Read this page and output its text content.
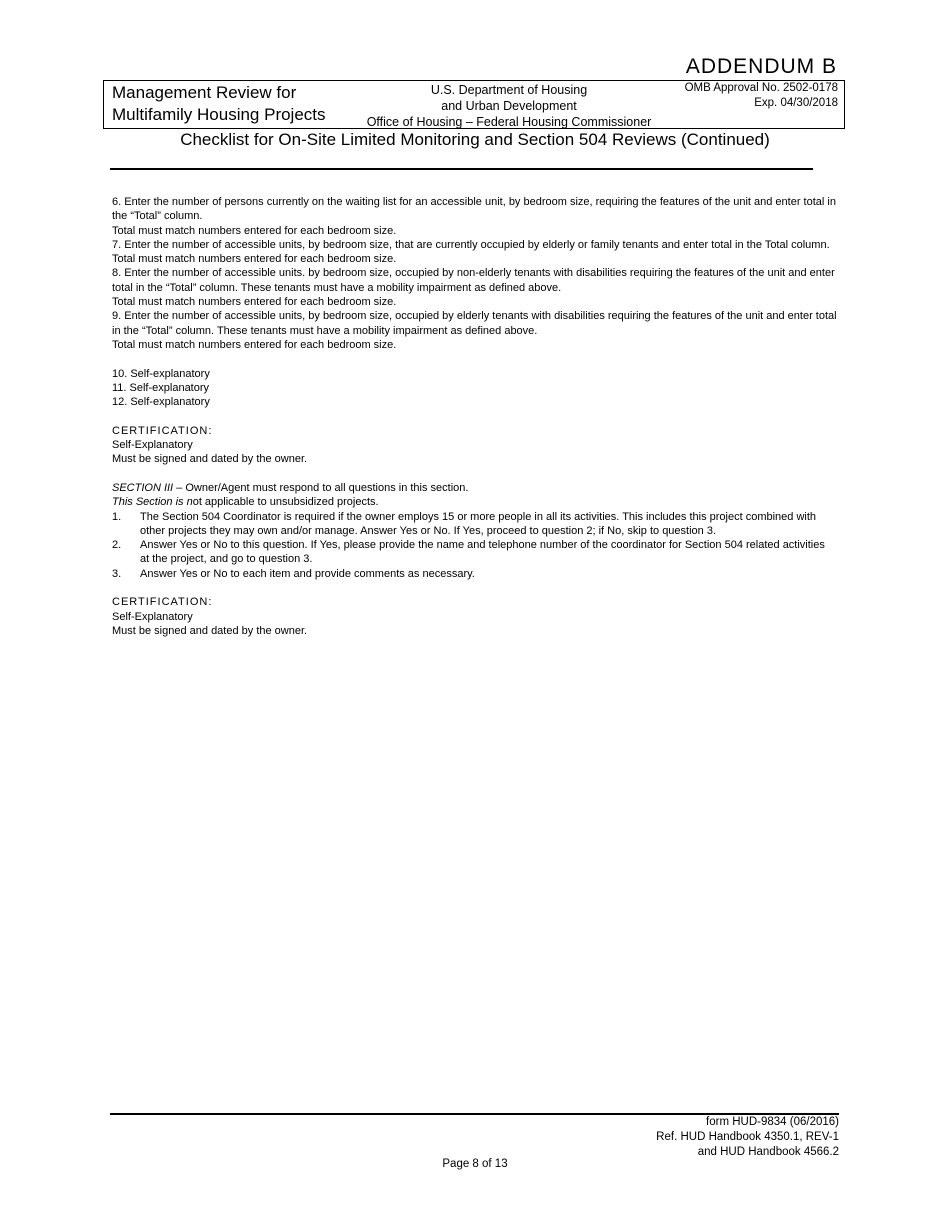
ADDENDUM B
Management Review for
Multifamily Housing Projects
U.S. Department of Housing
and Urban Development
Office of Housing – Federal Housing Commissioner
OMB Approval No. 2502-0178
Exp. 04/30/2018
Checklist for On-Site Limited Monitoring and Section 504 Reviews (Continued)

6. Enter the number of persons currently on the waiting list for an accessible unit, by bedroom size, requiring the features of the unit and enter total in the “Total” column.

Total must match numbers entered for each bedroom size.

7. Enter the number of accessible units, by bedroom size, that are currently occupied by elderly or family tenants and enter total in the Total column.

Total must match numbers entered for each bedroom size.

8. Enter the number of accessible units. by bedroom size, occupied by non-elderly tenants with disabilities requiring the features of the unit and enter total in the “Total” column. These tenants must have a mobility impairment as defined above.

Total must match numbers entered for each bedroom size.

9. Enter the number of accessible units, by bedroom size, occupied by elderly tenants with disabilities requiring the features of the unit and enter total in the “Total” column. These tenants must have a mobility impairment as defined above.

Total must match numbers entered for each bedroom size.

10. Self-explanatory

11. Self-explanatory

12. Self-explanatory

CERTIFICATION:

Self-Explanatory

Must be signed and dated by the owner.

SECTION III – Owner/Agent must respond to all questions in this section.

This Section is not applicable to unsubsidized projects.

1.	The Section 504 Coordinator is required if the owner employs 15 or more people in all its activities. This includes this project combined with other projects they may own and/or manage. Answer Yes or No. If Yes, proceed to question 2; if No, skip to question 3.
2.	Answer Yes or No to this question. If Yes, please provide the name and telephone number of the coordinator for Section 504 related activities at the project, and go to question 3.
3.	Answer Yes or No to each item and provide comments as necessary.

CERTIFICATION:

Self-Explanatory

Must be signed and dated by the owner.

form HUD-9834 (06/2016)
Ref. HUD Handbook 4350.1, REV-1
and HUD Handbook 4566.2
Page 8 of 13
